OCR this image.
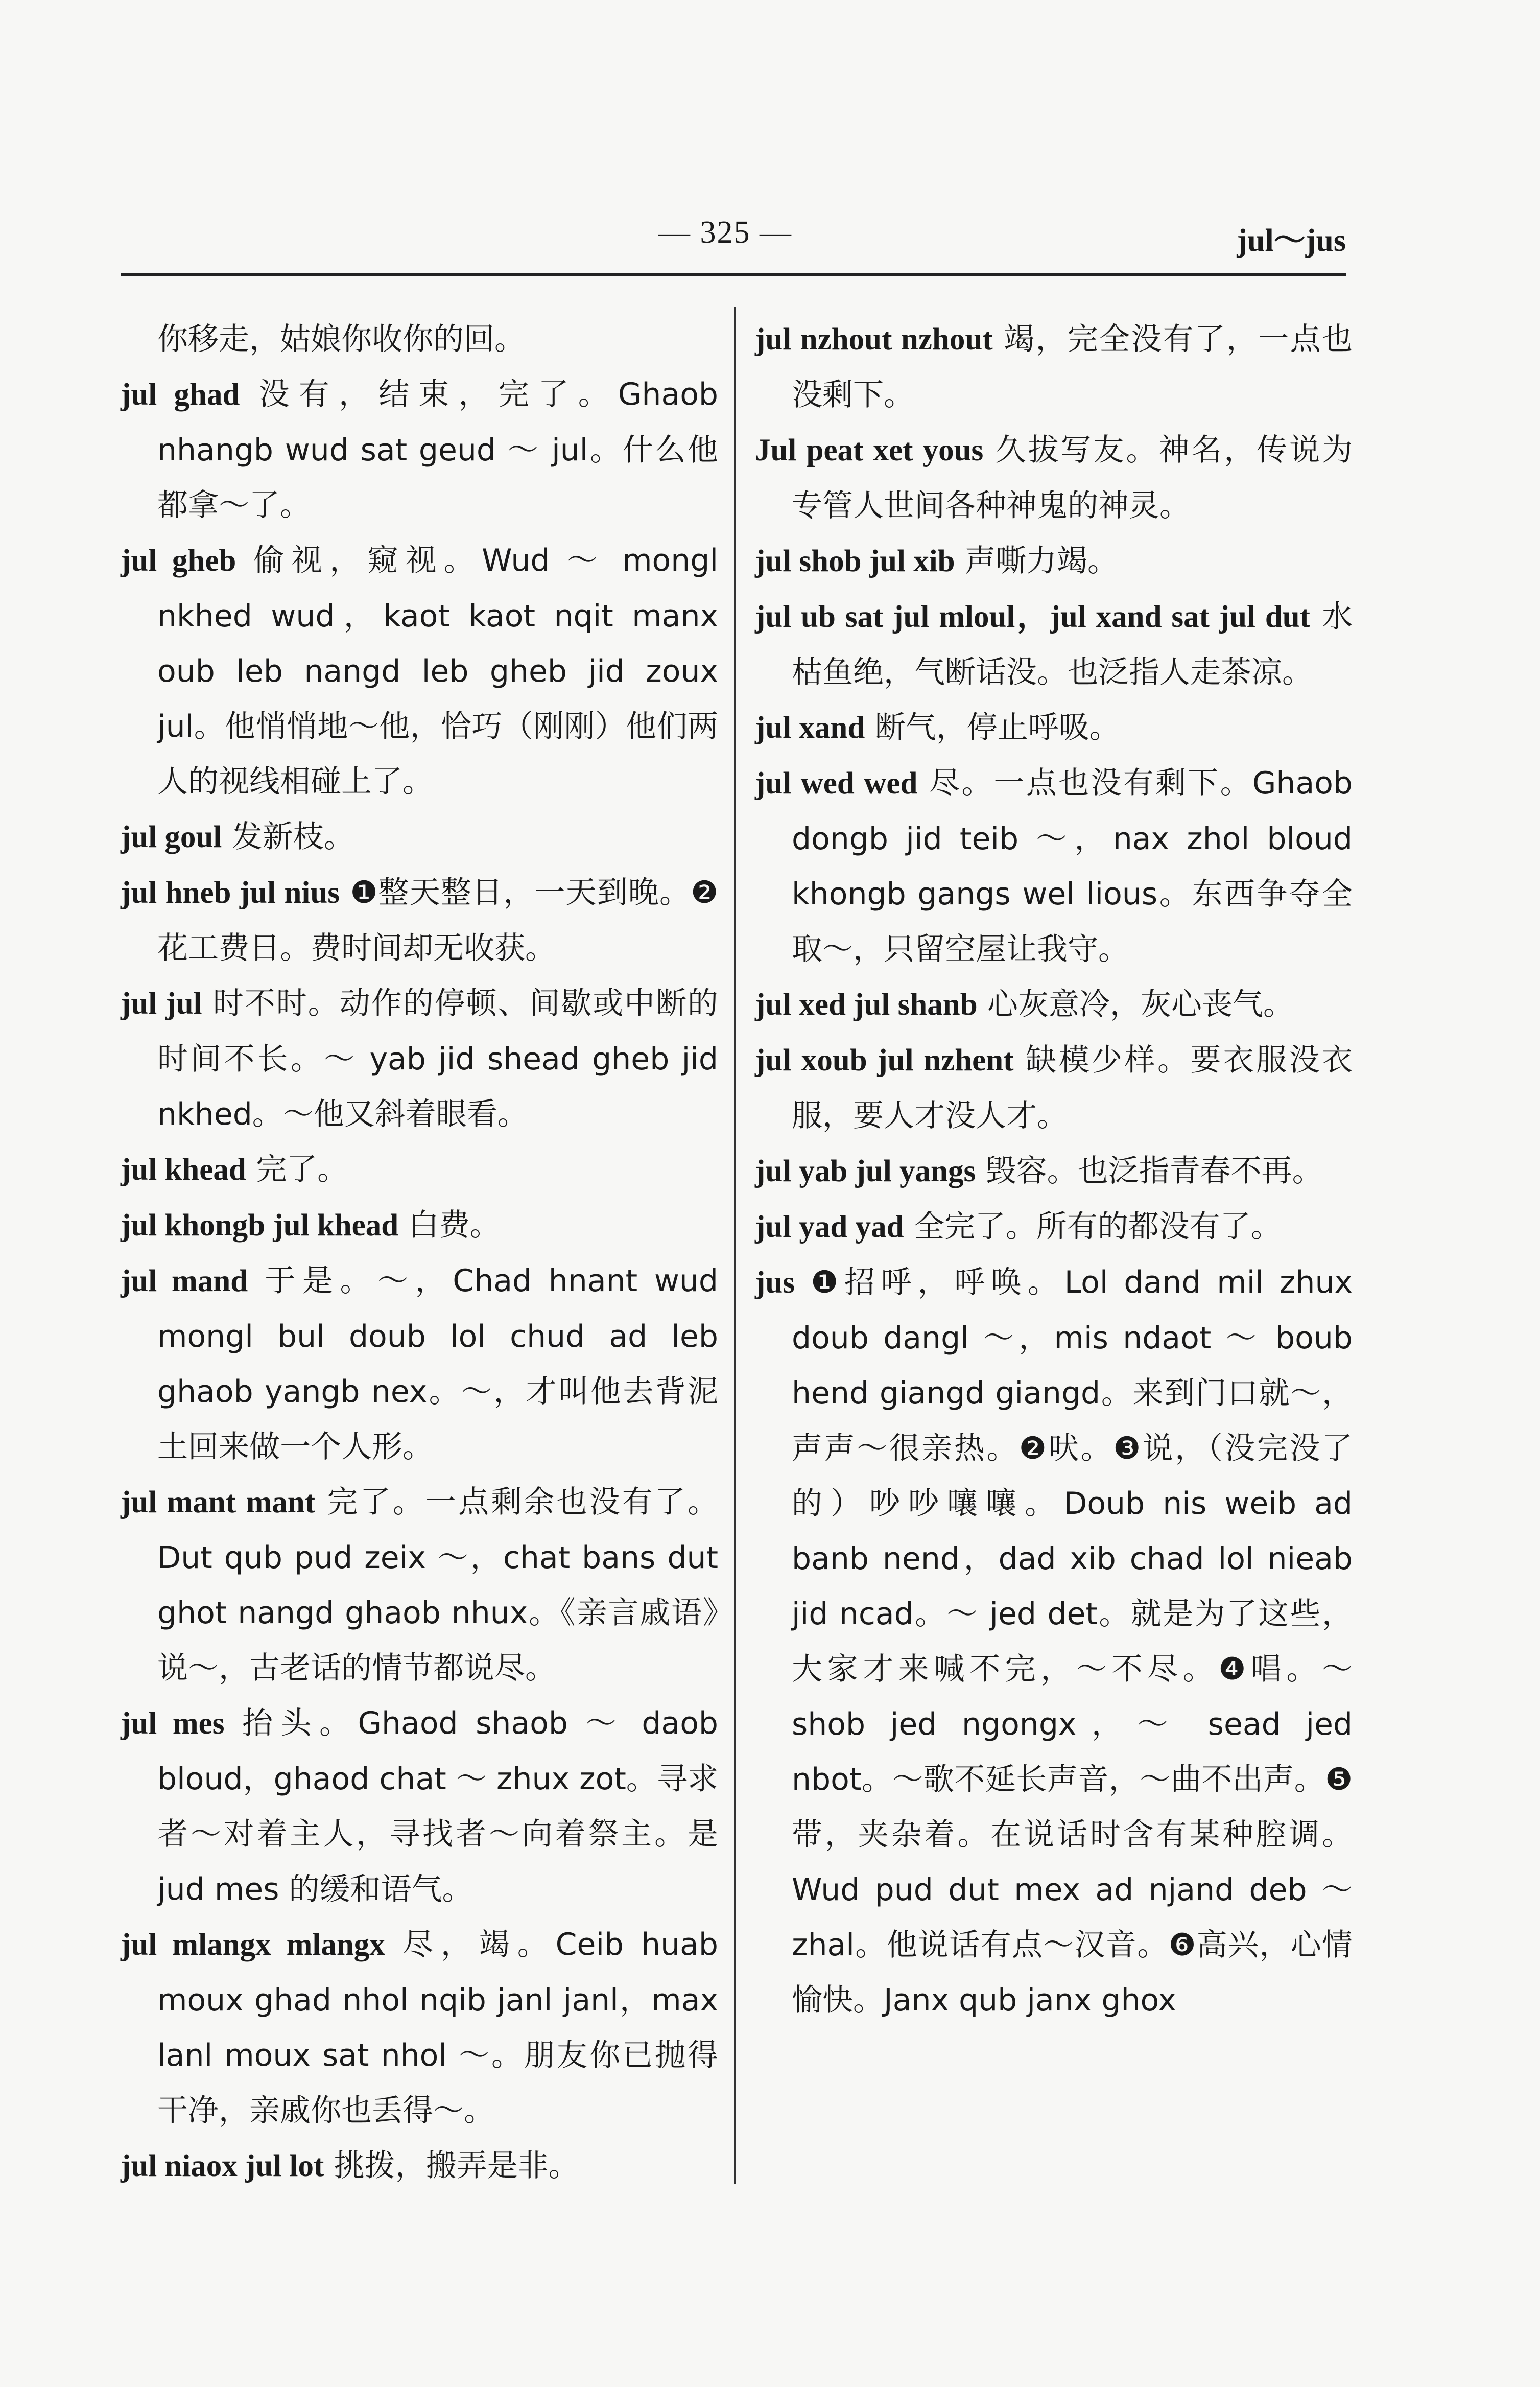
— 325 —	jul～jus

你移走，姑娘你收你的回。

jul ghad 没有，结束，完了。Ghaob nhangb wud sat geud ～ jul。什么他都拿～了。

jul gheb 偷视，窥视。Wud ～ mongl nkhed wud，kaot kaot nqit manx oub leb nangd leb gheb jid zoux jul。他悄悄地～他，恰巧（刚刚）他们两人的视线相碰上了。

jul goul 发新枝。

jul hneb jul nius ❶整天整日，一天到晚。❷花工费日。费时间却无收获。

jul jul 时不时。动作的停顿、间歇或中断的时间不长。～ yab jid shead gheb jid nkhed。～他又斜着眼看。

jul khead 完了。

jul khongb jul khead 白费。

jul mand 于是。～，Chad hnant wud mongl bul doub lol chud ad leb ghaob yangb nex。～，才叫他去背泥土回来做一个人形。

jul mant mant 完了。一点剩余也没有了。Dut qub pud zeix ～，chat bans dut ghot nangd ghaob nhux。《亲言戚语》说～，古老话的情节都说尽。

jul mes 抬头。Ghaod shaob ～ daob bloud，ghaod chat ～ zhux zot。寻求者～对着主人，寻找者～向着祭主。是 jud mes 的缓和语气。

jul mlangx mlangx 尽，竭。Ceib huab moux ghad nhol nqib janl janl，max lanl moux sat nhol ～。朋友你已抛得干净，亲戚你也丢得～。

jul niaox jul lot 挑拨，搬弄是非。

jul nzhout nzhout 竭，完全没有了，一点也没剩下。

Jul peat xet yous 久拔写友。神名，传说为专管人世间各种神鬼的神灵。

jul shob jul xib 声嘶力竭。

jul ub sat jul mloul，jul xand sat jul dut 水枯鱼绝，气断话没。也泛指人走茶凉。

jul xand 断气，停止呼吸。

jul wed wed 尽。一点也没有剩下。Ghaob dongb jid teib ～，nax zhol bloud khongb gangs wel lious。东西争夺全取～，只留空屋让我守。

jul xed jul shanb 心灰意冷，灰心丧气。

jul xoub jul nzhent 缺模少样。要衣服没衣服，要人才没人才。

jul yab jul yangs 毁容。也泛指青春不再。

jul yad yad 全完了。所有的都没有了。

jus ❶招呼，呼唤。Lol dand mil zhux doub dangl ～，mis ndaot ～ boub hend giangd giangd。来到门口就～，声声～很亲热。❷吠。❸说，（没完没了的）吵吵嚷嚷。Doub nis weib ad banb nend，dad xib chad lol nieab jid ncad。～ jed det。就是为了这些，大家才来喊不完，～不尽。❹唱。～ shob jed ngongx，～ sead jed nbot。～歌不延长声音，～曲不出声。❺带，夹杂着。在说话时含有某种腔调。Wud pud dut mex ad njand deb ～ zhal。他说话有点～汉音。❻高兴，心情愉快。Janx qub janx ghox
